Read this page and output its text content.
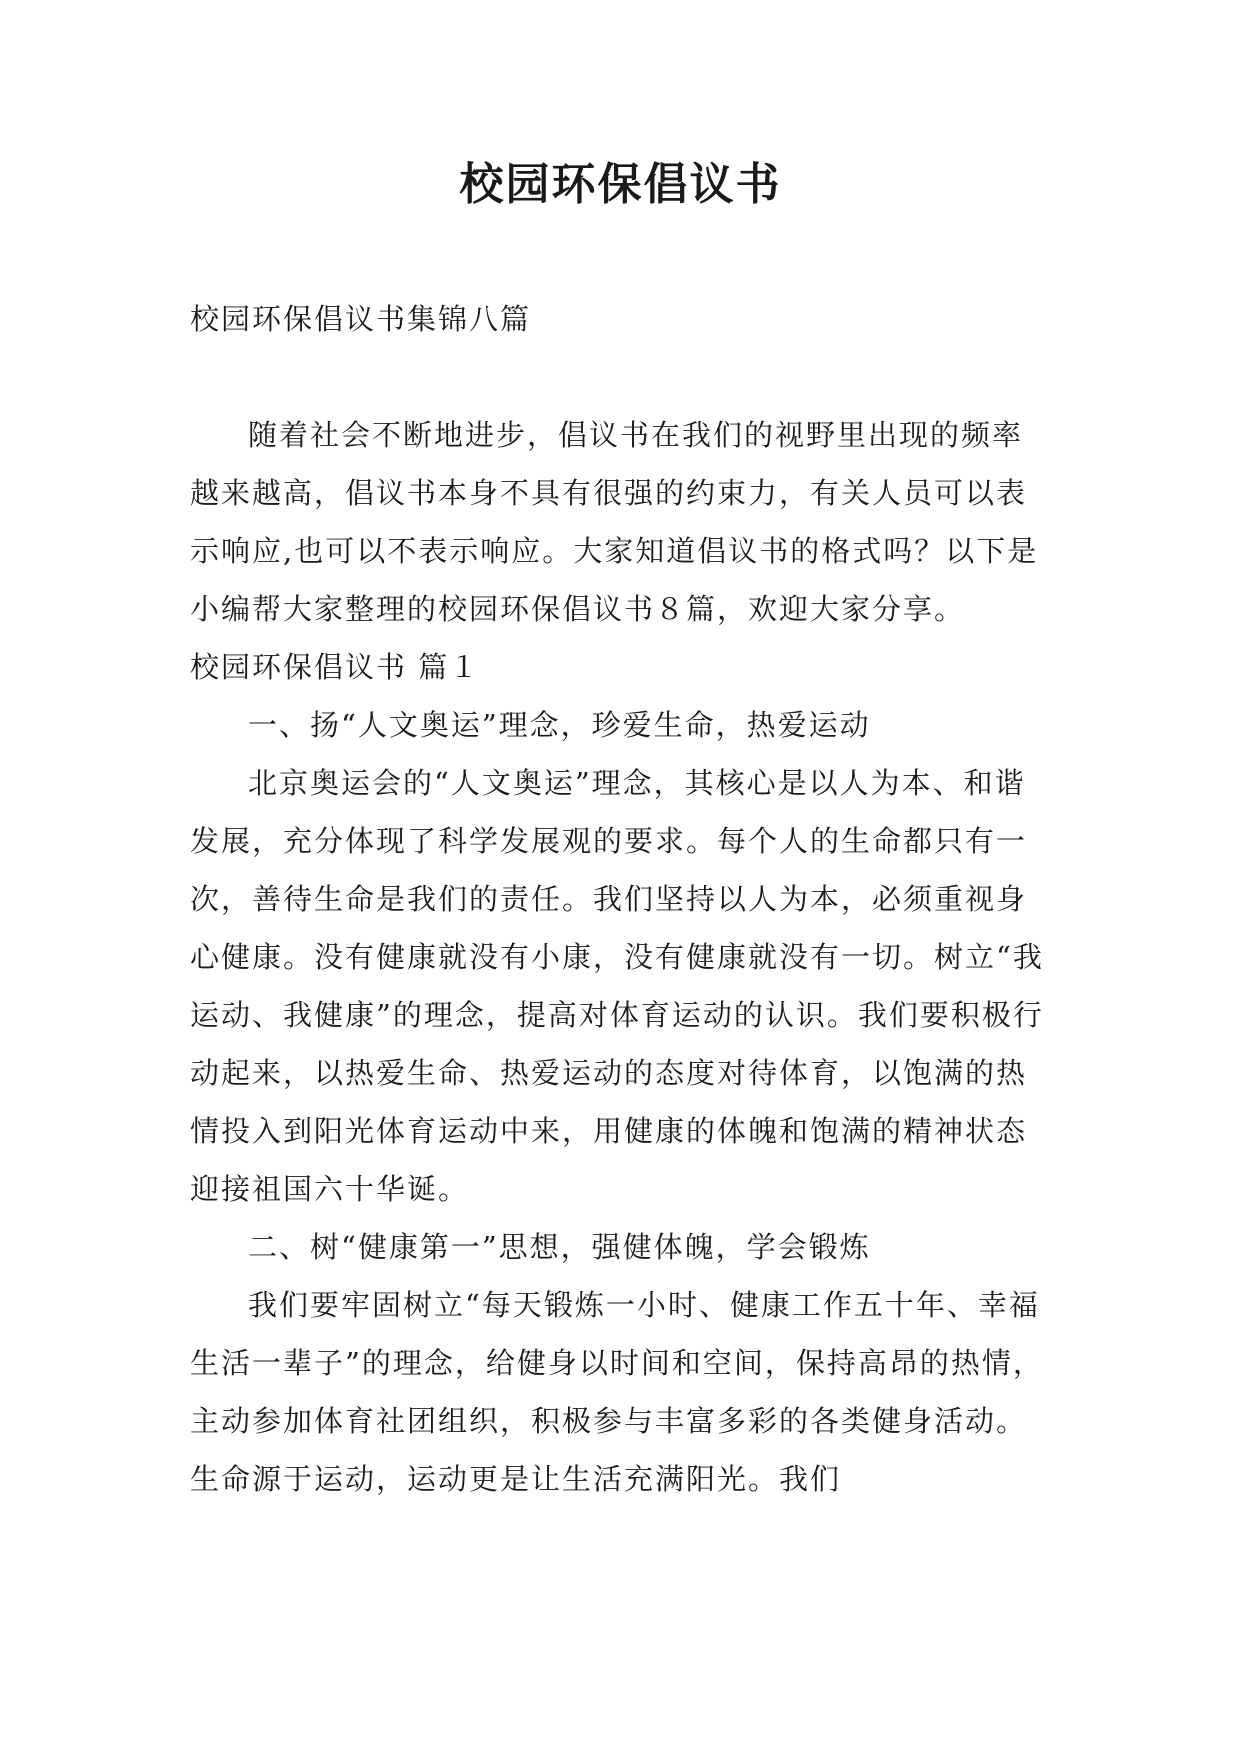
校园环保倡议书

校园环保倡议书集锦八篇

随着社会不断地进步，倡议书在我们的视野里出现的频率越来越高，倡议书本身不具有很强的约束力，有关人员可以表示响应,也可以不表示响应。大家知道倡议书的格式吗？以下是小编帮大家整理的校园环保倡议书８篇，欢迎大家分享。

校园环保倡议书 篇１

一、扬“人文奥运”理念，珍爱生命，热爱运动

北京奥运会的“人文奥运”理念，其核心是以人为本、和谐发展，充分体现了科学发展观的要求。每个人的生命都只有一次，善待生命是我们的责任。我们坚持以人为本，必须重视身心健康。没有健康就没有小康，没有健康就没有一切。树立“我运动、我健康”的理念，提高对体育运动的认识。我们要积极行动起来，以热爱生命、热爱运动的态度对待体育，以饱满的热情投入到阳光体育运动中来，用健康的体魄和饱满的精神状态迎接祖国六十华诞。

二、树“健康第一”思想，强健体魄，学会锻炼

我们要牢固树立“每天锻炼一小时、健康工作五十年、幸福生活一辈子”的理念，给健身以时间和空间，保持高昂的热情，主动参加体育社团组织，积极参与丰富多彩的各类健身活动。生命源于运动，运动更是让生活充满阳光。我们
